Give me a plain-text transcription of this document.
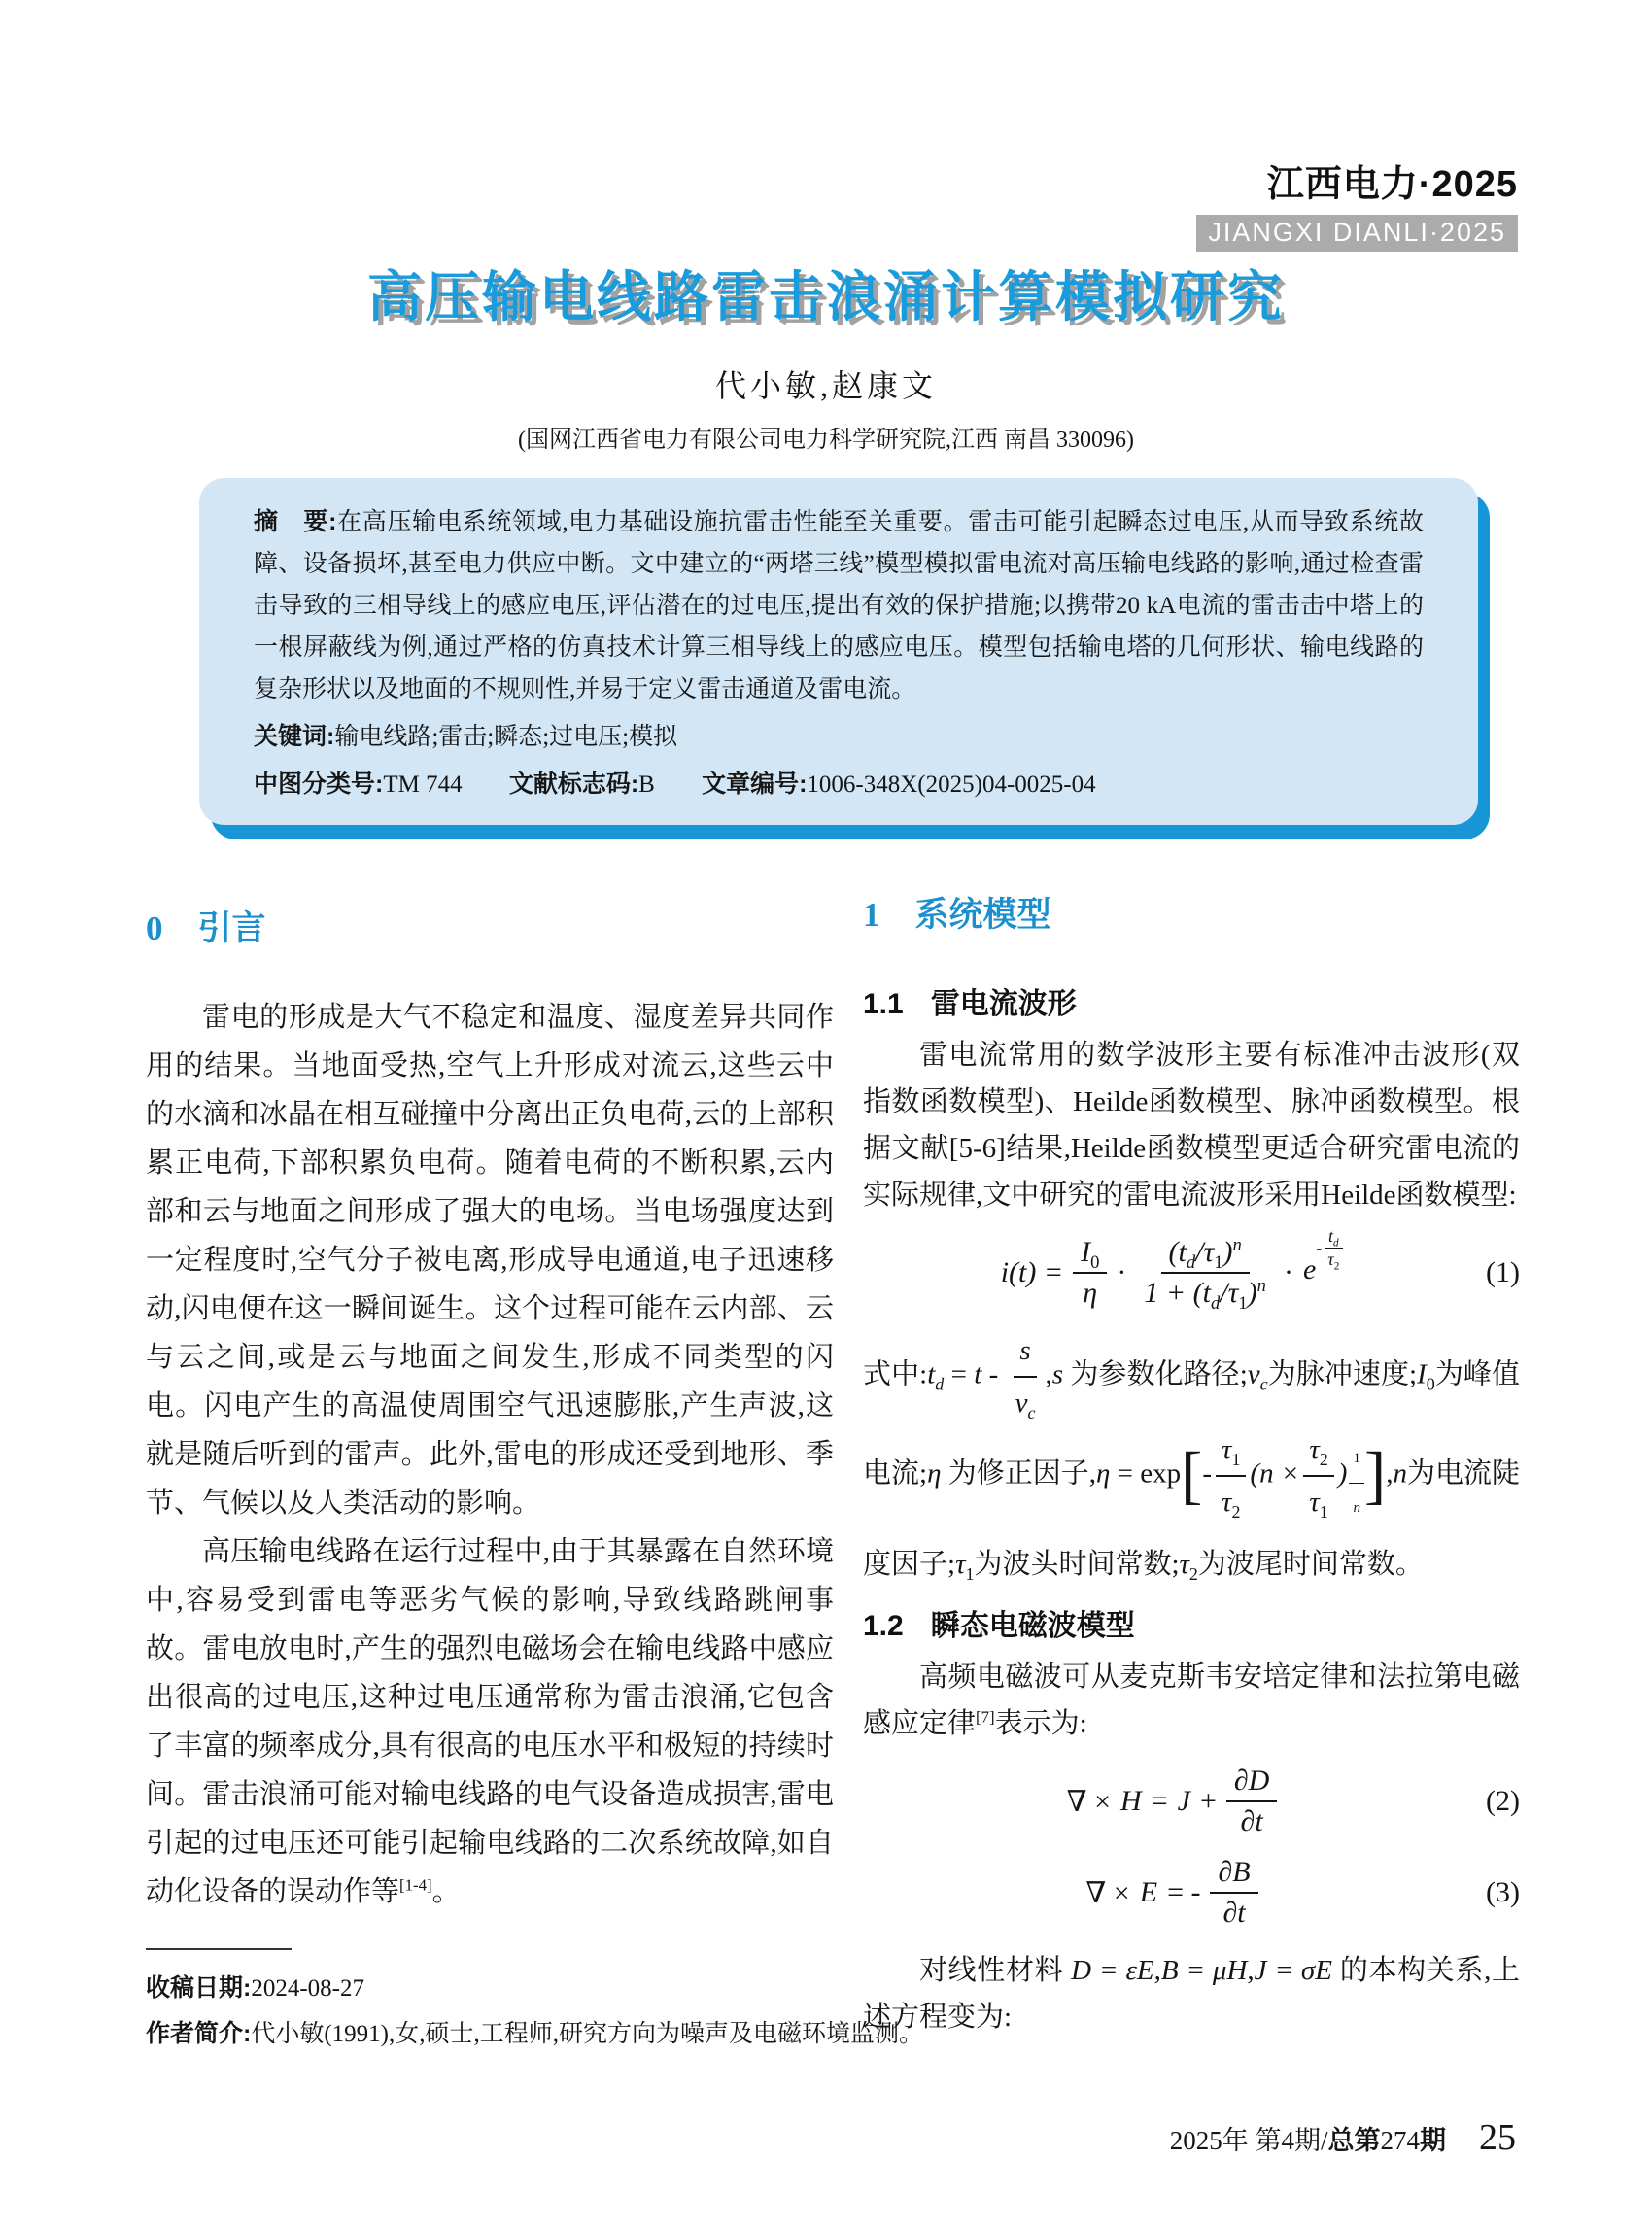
江西电力·2025
JIANGXI DIANLI·2025
高压输电线路雷击浪涌计算模拟研究
代小敏,赵康文
(国网江西省电力有限公司电力科学研究院,江西 南昌 330096)
摘　要:在高压输电系统领域,电力基础设施抗雷击性能至关重要。雷击可能引起瞬态过电压,从而导致系统故障、设备损坏,甚至电力供应中断。文中建立的“两塔三线”模型模拟雷电流对高压输电线路的影响,通过检查雷击导致的三相导线上的感应电压,评估潜在的过电压,提出有效的保护措施;以携带20 kA电流的雷击击中塔上的一根屏蔽线为例,通过严格的仿真技术计算三相导线上的感应电压。模型包括输电塔的几何形状、输电线路的复杂形状以及地面的不规则性,并易于定义雷击通道及雷电流。
关键词:输电线路;雷击;瞬态;过电压;模拟
中图分类号:TM 744 文献标志码:B 文章编号:1006-348X(2025)04-0025-04
0 引言

雷电的形成是大气不稳定和温度、湿度差异共同作用的结果。当地面受热,空气上升形成对流云,这些云中的水滴和冰晶在相互碰撞中分离出正负电荷,云的上部积累正电荷,下部积累负电荷。随着电荷的不断积累,云内部和云与地面之间形成了强大的电场。当电场强度达到一定程度时,空气分子被电离,形成导电通道,电子迅速移动,闪电便在这一瞬间诞生。这个过程可能在云内部、云与云之间,或是云与地面之间发生,形成不同类型的闪电。闪电产生的高温使周围空气迅速膨胀,产生声波,这就是随后听到的雷声。此外,雷电的形成还受到地形、季节、气候以及人类活动的影响。

高压输电线路在运行过程中,由于其暴露在自然环境中,容易受到雷电等恶劣气候的影响,导致线路跳闸事故。雷电放电时,产生的强烈电磁场会在输电线路中感应出很高的过电压,这种过电压通常称为雷击浪涌,它包含了丰富的频率成分,具有很高的电压水平和极短的持续时间。雷击浪涌可能对输电线路的电气设备造成损害,雷电引起的过电压还可能引起输电线路的二次系统故障,如自动化设备的误动作等[1-4]。

1 系统模型
1.1 雷电流波形

雷电流常用的数学波形主要有标准冲击波形(双指数函数模型)、Heilde函数模型、脉冲函数模型。根据文献[5-6]结果,Heilde函数模型更适合研究雷电流的实际规律,文中研究的雷电流波形采用Heilde函数模型:

$i(t) = \frac{I_0}{\eta} \cdot \frac{(t_d/\tau_1)^n}{1 + (t_d/\tau_1)^n} \cdot e$
-
$t_d$
$\tau_2$	(1)

式中$:t_d = t - \frac{s}{v_c} ,s$ 为参数化路径$;v_c$为脉冲速度$;I_0$为峰值电流;η 为修正因子$,\eta = \exp[- \frac{\tau_1}{\tau_2} (n \times \frac{\tau_2}{\tau_1}$ ) $\frac{1}{n} ],n$为电流陡度因子$;\tau_1$为波头时间常数$;\tau_2$为波尾时间常数。

1.2 瞬态电磁波模型

高频电磁波可从麦克斯韦安培定律和法拉第电磁感应定律[7]表示为:

∇ × $H = J + \frac{\partial D}{\partial t}$	(2)
∇ × E = - $\frac{\partial B}{\partial t}$	(3)

对线性材料 D = εE,B = μH,J = σE 的本构关系,上述方程变为:

收稿日期:2024-08-27
作者简介:代小敏(1991),女,硕士,工程师,研究方向为噪声及电磁环境监测。
2025年 第4期/总第274期 25
